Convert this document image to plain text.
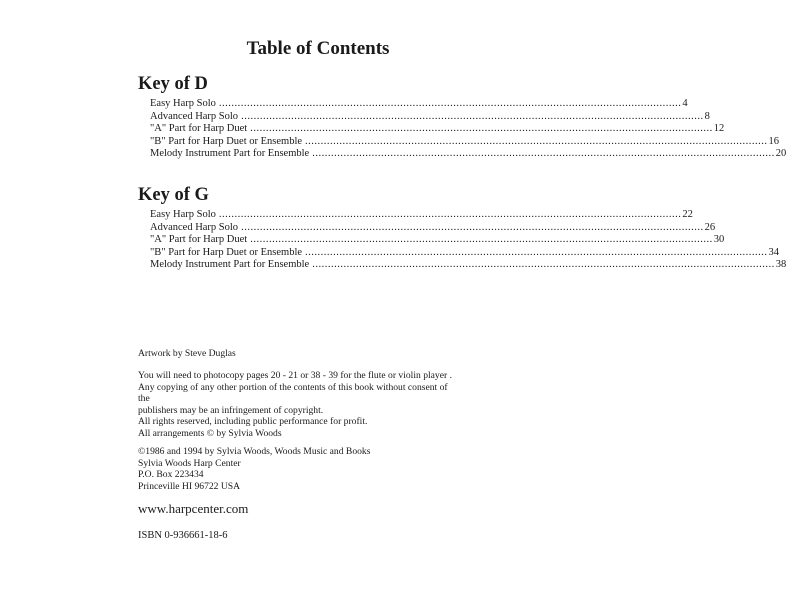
Table of Contents
Key of D
Easy Harp Solo .................................................................................................................................................... 4
Advanced Harp Solo .................................................................................................................................................... 8
"A" Part for Harp Duet .................................................................................................................................................... 12
"B" Part for Harp Duet or Ensemble .................................................................................................................................................... 16
Melody Instrument Part for Ensemble .................................................................................................................................................... 20
Key of G
Easy Harp Solo .................................................................................................................................................... 22
Advanced Harp Solo .................................................................................................................................................... 26
"A" Part for Harp Duet .................................................................................................................................................... 30
"B" Part for Harp Duet or Ensemble .................................................................................................................................................... 34
Melody Instrument Part for Ensemble .................................................................................................................................................... 38

Artwork by Steve Duglas

You will need to photocopy pages 20 - 21 or 38 - 39 for the flute or violin player .

Any copying of any other portion of the contents of this book without consent of the

publishers may be an infringement of copyright.

All rights reserved, including public performance for profit.

All arrangements © by Sylvia Woods

©1986 and 1994 by Sylvia Woods, Woods Music and Books

Sylvia Woods Harp Center

P.O. Box 223434

Princeville HI 96722 USA

www.harpcenter.com

ISBN 0-936661-18-6
